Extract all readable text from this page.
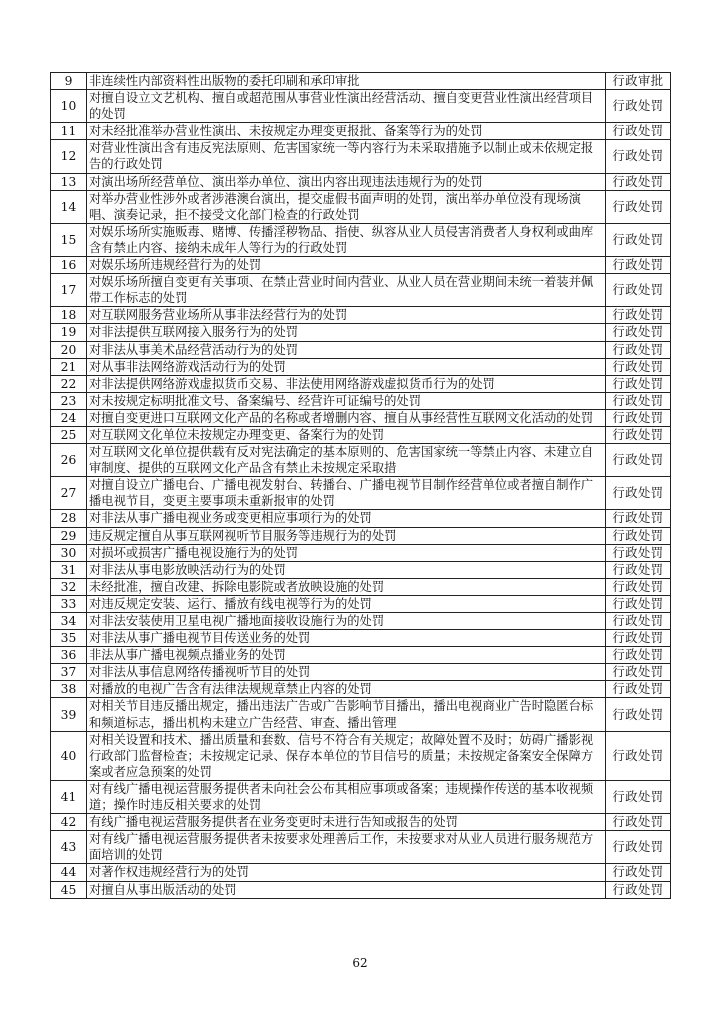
9	非连续性内部资料性出版物的委托印刷和承印审批	行政审批
10	对擅自设立文艺机构、擅自或超范围从事营业性演出经营活动、擅自变更营业性演出经营项目的处罚	行政处罚
11	对未经批准举办营业性演出、未按规定办理变更报批、备案等行为的处罚	行政处罚
12	对营业性演出含有违反宪法原则、危害国家统一等内容行为未采取措施予以制止或未依规定报告的行政处罚	行政处罚
13	对演出场所经营单位、演出举办单位、演出内容出现违法违规行为的处罚	行政处罚
14	对举办营业性涉外或者涉港澳台演出，提交虚假书面声明的处罚，演出举办单位没有现场演唱、演奏记录，拒不接受文化部门检查的行政处罚	行政处罚
15	对娱乐场所实施贩毒、赌博、传播淫秽物品、指使、纵容从业人员侵害消费者人身权利或曲库含有禁止内容、接纳未成年人等行为的行政处罚	行政处罚
16	对娱乐场所违规经营行为的处罚	行政处罚
17	对娱乐场所擅自变更有关事项、在禁止营业时间内营业、从业人员在营业期间未统一着装并佩带工作标志的处罚	行政处罚
18	对互联网服务营业场所从事非法经营行为的处罚	行政处罚
19	对非法提供互联网接入服务行为的处罚	行政处罚
20	对非法从事美术品经营活动行为的处罚	行政处罚
21	对从事非法网络游戏活动行为的处罚	行政处罚
22	对非法提供网络游戏虚拟货币交易、非法使用网络游戏虚拟货币行为的处罚	行政处罚
23	对未按规定标明批准文号、备案编号、经营许可证编号的处罚	行政处罚
24	对擅自变更进口互联网文化产品的名称或者增删内容、擅自从事经营性互联网文化活动的处罚	行政处罚
25	对互联网文化单位未按规定办理变更、备案行为的处罚	行政处罚
26	对互联网文化单位提供载有反对宪法确定的基本原则的、危害国家统一等禁止内容、未建立自审制度、提供的互联网文化产品含有禁止未按规定采取措	行政处罚
27	对擅自设立广播电台、广播电视发射台、转播台、广播电视节目制作经营单位或者擅自制作广播电视节目，变更主要事项未重新报审的处罚	行政处罚
28	对非法从事广播电视业务或变更相应事项行为的处罚	行政处罚
29	违反规定擅自从事互联网视听节目服务等违规行为的处罚	行政处罚
30	对损坏或损害广播电视设施行为的处罚	行政处罚
31	对非法从事电影放映活动行为的处罚	行政处罚
32	未经批准，擅自改建、拆除电影院或者放映设施的处罚	行政处罚
33	对违反规定安装、运行、播放有线电视等行为的处罚	行政处罚
34	对非法安装使用卫星电视广播地面接收设施行为的处罚	行政处罚
35	对非法从事广播电视节目传送业务的处罚	行政处罚
36	非法从事广播电视频点播业务的处罚	行政处罚
37	对非法从事信息网络传播视听节目的处罚	行政处罚
38	对播放的电视广告含有法律法规规章禁止内容的处罚	行政处罚
39	对相关节目违反播出规定，播出违法广告或广告影响节目播出，播出电视商业广告时隐匿台标和频道标志，播出机构未建立广告经营、审查、播出管理	行政处罚
40	对相关设置和技术、播出质量和套数、信号不符合有关规定；故障处置不及时；妨碍广播影视行政部门监督检查；未按规定记录、保存本单位的节目信号的质量；未按规定备案安全保障方案或者应急预案的处罚	行政处罚
41	对有线广播电视运营服务提供者未向社会公布其相应事项或备案；违规操作传送的基本收视频道；操作时违反相关要求的处罚	行政处罚
42	有线广播电视运营服务提供者在业务变更时未进行告知或报告的处罚	行政处罚
43	对有线广播电视运营服务提供者未按要求处理善后工作，未按要求对从业人员进行服务规范方面培训的处罚	行政处罚
44	对著作权违规经营行为的处罚	行政处罚
45	对擅自从事出版活动的处罚	行政处罚
62
